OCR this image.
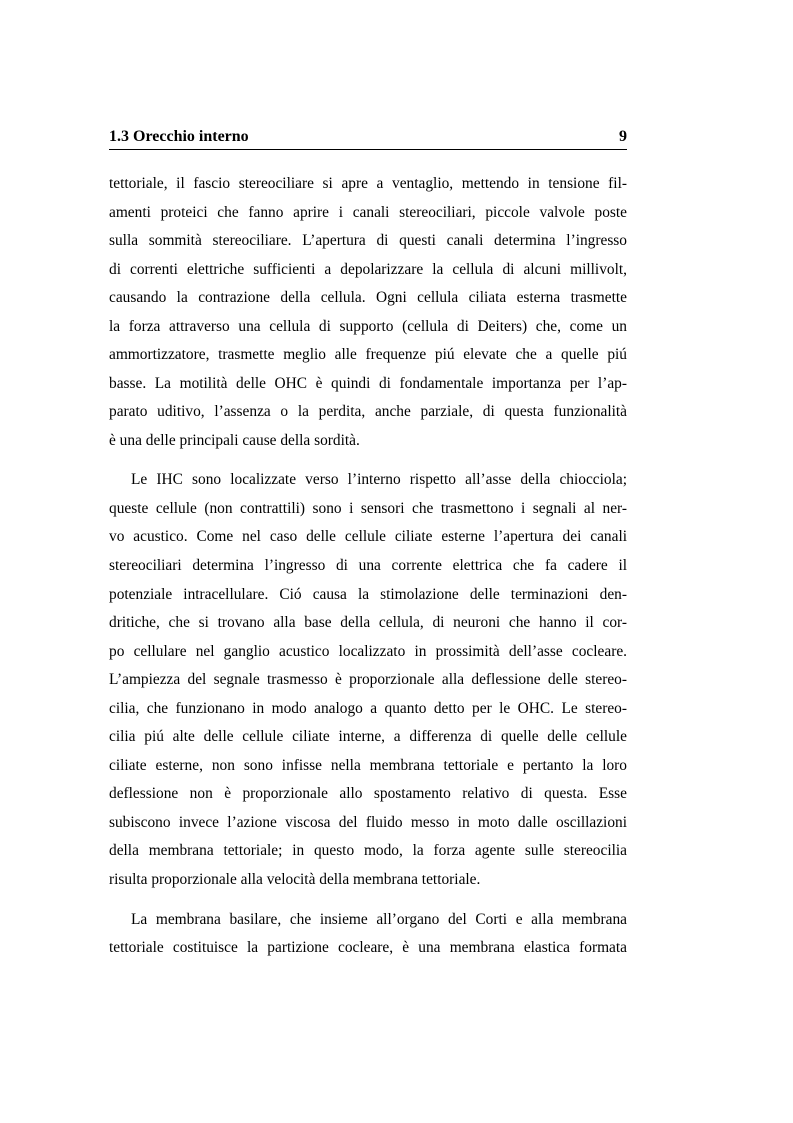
1.3 Orecchio interno	9
tettoriale, il fascio stereociliare si apre a ventaglio, mettendo in tensione fil-
amenti proteici che fanno aprire i canali stereociliari, piccole valvole poste
sulla sommità stereociliare. L’apertura di questi canali determina l’ingresso
di correnti elettriche sufficienti a depolarizzare la cellula di alcuni millivolt,
causando la contrazione della cellula. Ogni cellula ciliata esterna trasmette
la forza attraverso una cellula di supporto (cellula di Deiters) che, come un
ammortizzatore, trasmette meglio alle frequenze piú elevate che a quelle piú
basse. La motilità delle OHC è quindi di fondamentale importanza per l’ap-
parato uditivo, l’assenza o la perdita, anche parziale, di questa funzionalità
è una delle principali cause della sordità.
Le IHC sono localizzate verso l’interno rispetto all’asse della chiocciola;
queste cellule (non contrattili) sono i sensori che trasmettono i segnali al ner-
vo acustico. Come nel caso delle cellule ciliate esterne l’apertura dei canali
stereociliari determina l’ingresso di una corrente elettrica che fa cadere il
potenziale intracellulare. Ció causa la stimolazione delle terminazioni den-
dritiche, che si trovano alla base della cellula, di neuroni che hanno il cor-
po cellulare nel ganglio acustico localizzato in prossimità dell’asse cocleare.
L’ampiezza del segnale trasmesso è proporzionale alla deflessione delle stereo-
cilia, che funzionano in modo analogo a quanto detto per le OHC. Le stereo-
cilia piú alte delle cellule ciliate interne, a differenza di quelle delle cellule
ciliate esterne, non sono infisse nella membrana tettoriale e pertanto la loro
deflessione non è proporzionale allo spostamento relativo di questa. Esse
subiscono invece l’azione viscosa del fluido messo in moto dalle oscillazioni
della membrana tettoriale; in questo modo, la forza agente sulle stereocilia
risulta proporzionale alla velocità della membrana tettoriale.
La membrana basilare, che insieme all’organo del Corti e alla membrana
tettoriale costituisce la partizione cocleare, è una membrana elastica formata
